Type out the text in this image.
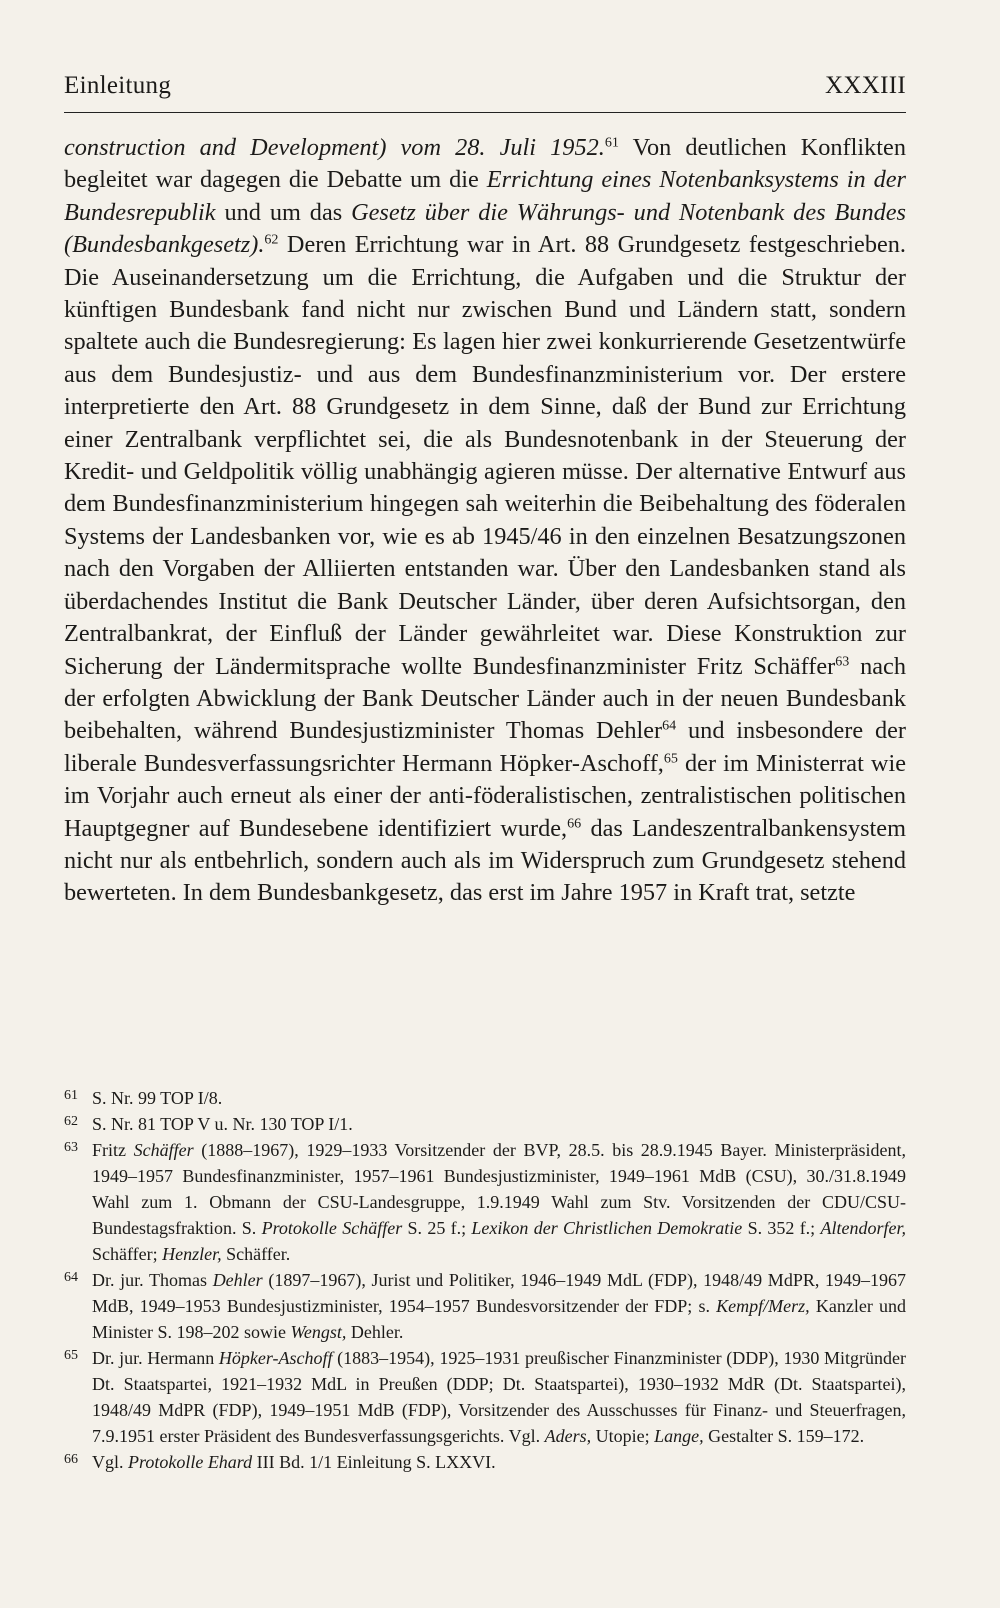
Einleitung	XXXIII

construction and Development) vom 28. Juli 1952.61 Von deutlichen Konflikten begleitet war dagegen die Debatte um die Errichtung eines Notenbanksystems in der Bundesrepublik und um das Gesetz über die Währungs- und Notenbank des Bundes (Bundesbankgesetz).$^{62}$ Deren Errichtung war in Art. 88 Grundgesetz festgeschrieben. Die Auseinandersetzung um die Errichtung, die Aufgaben und die Struktur der künftigen Bundesbank fand nicht nur zwischen Bund und Ländern statt, sondern spaltete auch die Bundesregierung: Es lagen hier zwei konkurrierende Gesetzentwürfe aus dem Bundesjustiz- und aus dem Bundesfinanzministerium vor. Der erstere interpretierte den Art. 88 Grundgesetz in dem Sinne, daß der Bund zur Errichtung einer Zentralbank verpflichtet sei, die als Bundesnotenbank in der Steuerung der Kredit- und Geldpolitik völlig unabhängig agieren müsse. Der alternative Entwurf aus dem Bundesfinanzministerium hingegen sah weiterhin die Beibehaltung des föderalen Systems der Landesbanken vor, wie es ab 1945/46 in den einzelnen Besatzungszonen nach den Vorgaben der Alliierten entstanden war. Über den Landesbanken stand als überdachendes Institut die Bank Deutscher Länder, über deren Aufsichtsorgan, den Zentralbankrat, der Einfluß der Länder gewährleitet war. Diese Konstruktion zur Sicherung der Ländermitsprache wollte Bundesfinanzminister Fritz Schäffer$^{63}$ nach der erfolgten Abwicklung der Bank Deutscher Länder auch in der neuen Bundesbank beibehalten, während Bundesjustizminister Thomas Dehler$^{64}$ und insbesondere der liberale Bundesverfassungsrichter Hermann Höpker-Aschoff,$^{65}$ der im Ministerrat wie im Vorjahr auch erneut als einer der anti-föderalistischen, zentralistischen politischen Hauptgegner auf Bundesebene identifiziert wurde,$^{66}$ das Landeszentralbankensystem nicht nur als entbehrlich, sondern auch als im Widerspruch zum Grundgesetz stehend bewerteten. In dem Bundesbankgesetz, das erst im Jahre 1957 in Kraft trat, setzte

61 S. Nr. 99 TOP I/8.
62 S. Nr. 81 TOP V u. Nr. 130 TOP I/1.
63 Fritz Schäffer (1888–1967), 1929–1933 Vorsitzender der BVP, 28.5. bis 28.9.1945 Bayer. Ministerpräsident, 1949–1957 Bundesfinanzminister, 1957–1961 Bundesjustizminister, 1949–1961 MdB (CSU), 30./31.8.1949 Wahl zum 1. Obmann der CSU-Landesgruppe, 1.9.1949 Wahl zum Stv. Vorsitzenden der CDU/CSU-Bundestagsfraktion. S. Protokolle Schäffer S. 25 f.; Lexikon der Christlichen Demokratie S. 352 f.; Altendorfer, Schäffer; Henzler, Schäffer.
64 Dr. jur. Thomas Dehler (1897–1967), Jurist und Politiker, 1946–1949 MdL (FDP), 1948/49 MdPR, 1949–1967 MdB, 1949–1953 Bundesjustizminister, 1954–1957 Bundesvorsitzender der FDP; s. Kempf/Merz, Kanzler und Minister S. 198–202 sowie Wengst, Dehler.
65 Dr. jur. Hermann Höpker-Aschoff (1883–1954), 1925–1931 preußischer Finanzminister (DDP), 1930 Mitgründer Dt. Staatspartei, 1921–1932 MdL in Preußen (DDP; Dt. Staatspartei), 1930–1932 MdR (Dt. Staatspartei), 1948/49 MdPR (FDP), 1949–1951 MdB (FDP), Vorsitzender des Ausschusses für Finanz- und Steuerfragen, 7.9.1951 erster Präsident des Bundesverfassungsgerichts. Vgl. Aders, Utopie; Lange, Gestalter S. 159–172.
66 Vgl. Protokolle Ehard III Bd. 1/1 Einleitung S. LXXVI.
